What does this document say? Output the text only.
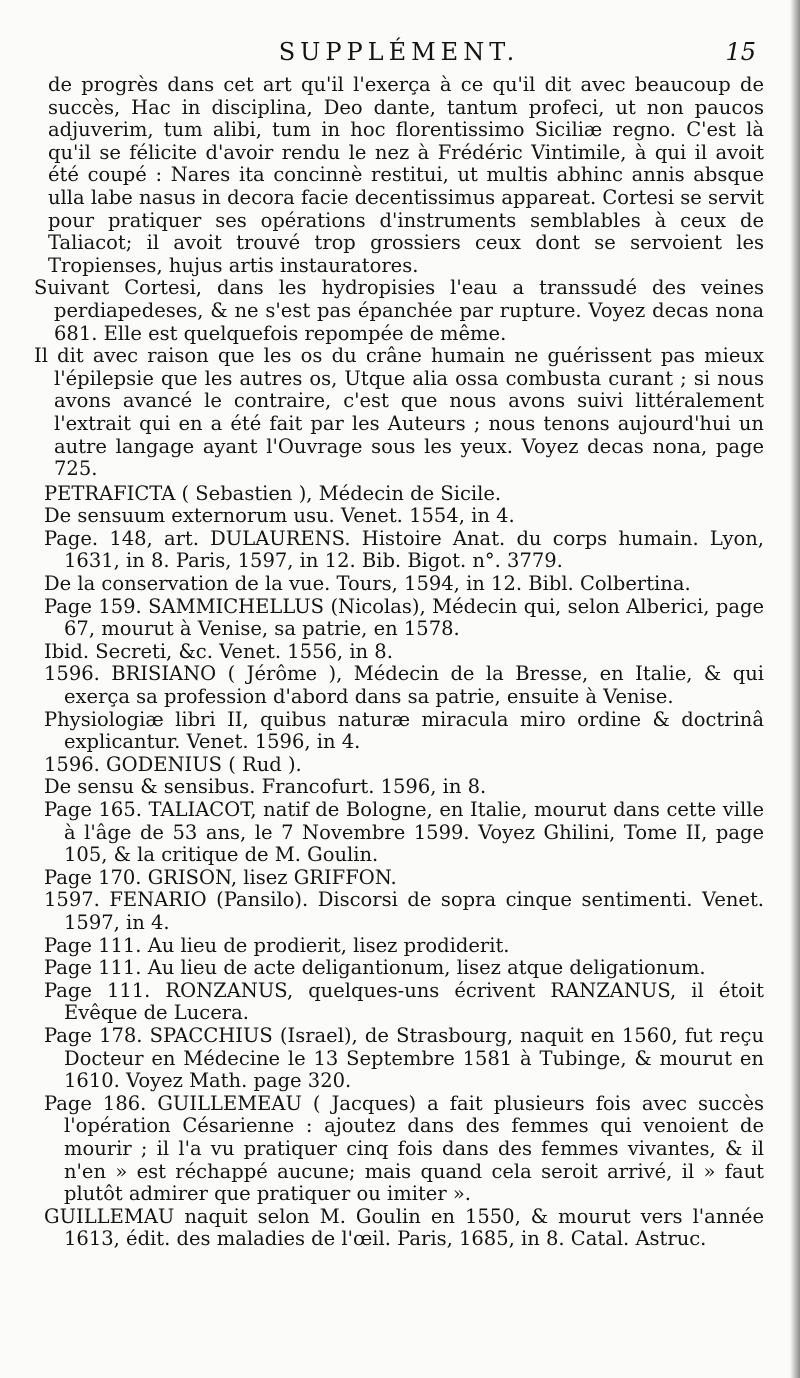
SUPPLÉMENT.	15

de progrès dans cet art qu'il l'exerça à ce qu'il dit avec beaucoup de succès, Hac in disciplina, Deo dante, tantum profeci, ut non paucos adjuverim, tum alibi, tum in hoc florentissimo Siciliæ regno. C'est là qu'il se félicite d'avoir rendu le nez à Frédéric Vintimile, à qui il avoit été coupé : Nares ita concinnè restitui, ut multis abhinc annis absque ulla labe nasus in decora facie decentissimus appareat. Cortesi se servit pour pratiquer ses opérations d'instruments semblables à ceux de Taliacot; il avoit trouvé trop grossiers ceux dont se servoient les Tropienses, hujus artis instauratores.

Suivant Cortesi, dans les hydropisies l'eau a transsudé des veines perdiapedeses, & ne s'est pas épanchée par rupture. Voyez decas nona 681. Elle est quelquefois repompée de même.

Il dit avec raison que les os du crâne humain ne guérissent pas mieux l'épilepsie que les autres os, Utque alia ossa combusta curant ; si nous avons avancé le contraire, c'est que nous avons suivi littéralement l'extrait qui en a été fait par les Auteurs ; nous tenons aujourd'hui un autre langage ayant l'Ouvrage sous les yeux. Voyez decas nona, page 725.

PETRAFICTA ( Sebastien ), Médecin de Sicile.

De sensuum externorum usu. Venet. 1554, in 4.

Page. 148, art. DULAURENS. Histoire Anat. du corps humain. Lyon, 1631, in 8. Paris, 1597, in 12. Bib. Bigot. n°. 3779.

De la conservation de la vue. Tours, 1594, in 12. Bibl. Colbertina.

Page 159. SAMMICHELLUS (Nicolas), Médecin qui, selon Alberici, page 67, mourut à Venise, sa patrie, en 1578.

Ibid. Secreti, &c. Venet. 1556, in 8.

1596. BRISIANO ( Jérôme ), Médecin de la Bresse, en Italie, & qui exerça sa profession d'abord dans sa patrie, ensuite à Venise.

Physiologiæ libri II, quibus naturæ miracula miro ordine & doctrinâ explicantur. Venet. 1596, in 4.

1596. GODENIUS ( Rud ).

De sensu & sensibus. Francofurt. 1596, in 8.

Page 165. TALIACOT, natif de Bologne, en Italie, mourut dans cette ville à l'âge de 53 ans, le 7 Novembre 1599. Voyez Ghilini, Tome II, page 105, & la critique de M. Goulin.

Page 170. GRISON, lisez GRIFFON.

1597. FENARIO (Pansilo). Discorsi de sopra cinque sentimenti. Venet. 1597, in 4.

Page 111. Au lieu de prodierit, lisez prodiderit.

Page 111. Au lieu de acte deligantionum, lisez atque deligationum.

Page 111. RONZANUS, quelques-uns écrivent RANZANUS, il étoit Evêque de Lucera.

Page 178. SPACCHIUS (Israel), de Strasbourg, naquit en 1560, fut reçu Docteur en Médecine le 13 Septembre 1581 à Tubinge, & mourut en 1610. Voyez Math. page 320.

Page 186. GUILLEMEAU ( Jacques) a fait plusieurs fois avec succès l'opération Césarienne : ajoutez dans des femmes qui venoient de mourir ; il l'a vu pratiquer cinq fois dans des femmes vivantes, & il n'en » est réchappé aucune; mais quand cela seroit arrivé, il » faut plutôt admirer que pratiquer ou imiter ».

GUILLEMAU naquit selon M. Goulin en 1550, & mourut vers l'année 1613, édit. des maladies de l'œil. Paris, 1685, in 8. Catal. Astruc.
